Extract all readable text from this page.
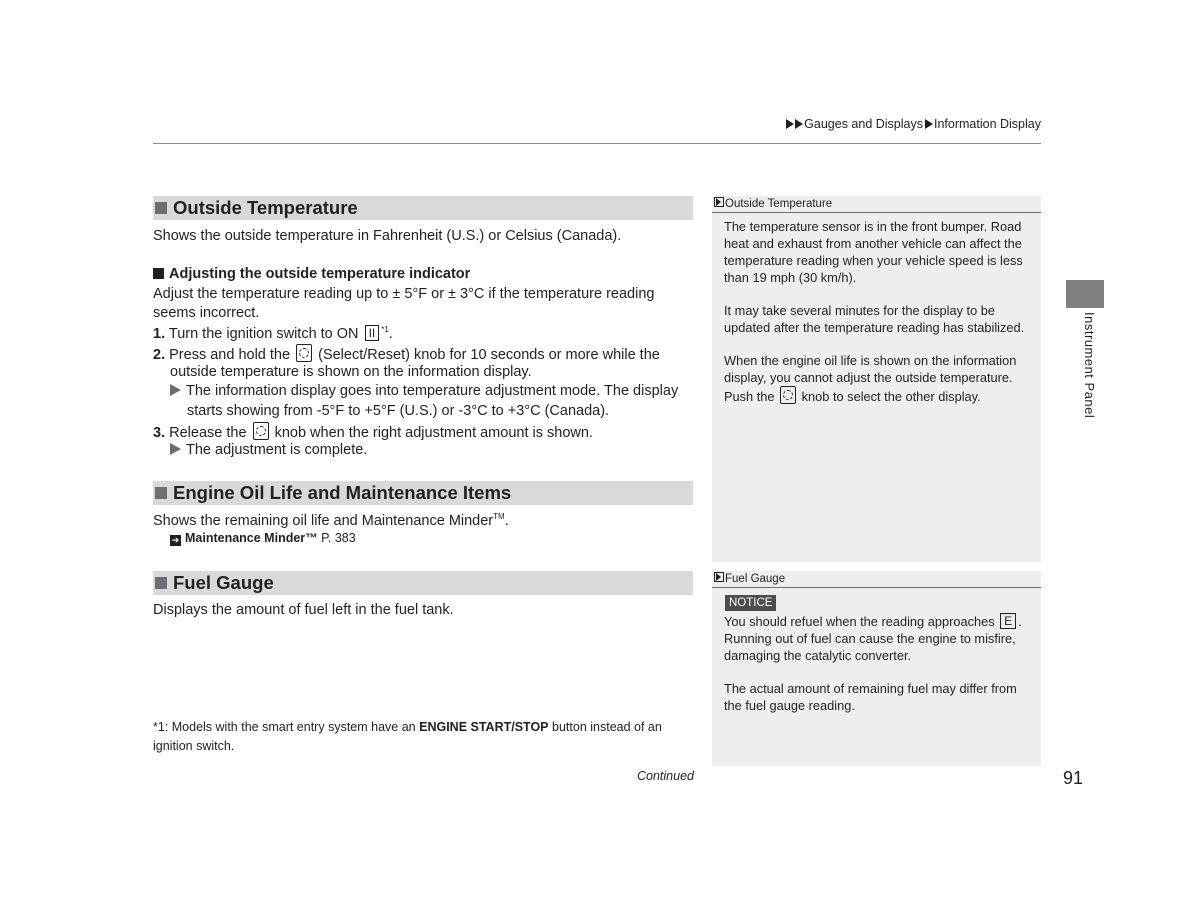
Gauges and Displays Information Display
Outside Temperature
Shows the outside temperature in Fahrenheit (U.S.) or Celsius (Canada).
Adjusting the outside temperature indicator
Adjust the temperature reading up to ± 5°F or ± 3°C if the temperature reading
seems incorrect.
1. Turn the ignition switch to ON II $^{*1}$.
2. Press and hold the (Select/Reset) knob for 10 seconds or more while the
outside temperature is shown on the information display.
The information display goes into temperature adjustment mode. The display
starts showing from -5°F to +5°F (U.S.) or -3°C to +3°C (Canada).
3. Release the knob when the right adjustment amount is shown.
The adjustment is complete.
Engine Oil Life and Maintenance Items
Shows the remaining oil life and Maintenance Minder™.
➔ Maintenance Minder™ P. 383
Fuel Gauge
Displays the amount of fuel left in the fuel tank.
*1: Models with the smart entry system have an ENGINE START/STOP button instead of an
ignition switch.
Continued	91
Outside Temperature

The temperature sensor is in the front bumper. Road heat and exhaust from another vehicle can affect the temperature reading when your vehicle speed is less than 19 mph (30 km/h).

It may take several minutes for the display to be updated after the temperature reading has stabilized.

When the engine oil life is shown on the information display, you cannot adjust the outside temperature. Push the knob to select the other display.

Fuel Gauge
NOTICE

You should refuel when the reading approaches E . Running out of fuel can cause the engine to misfire, damaging the catalytic converter.

The actual amount of remaining fuel may differ from the fuel gauge reading.

Instrument Panel
